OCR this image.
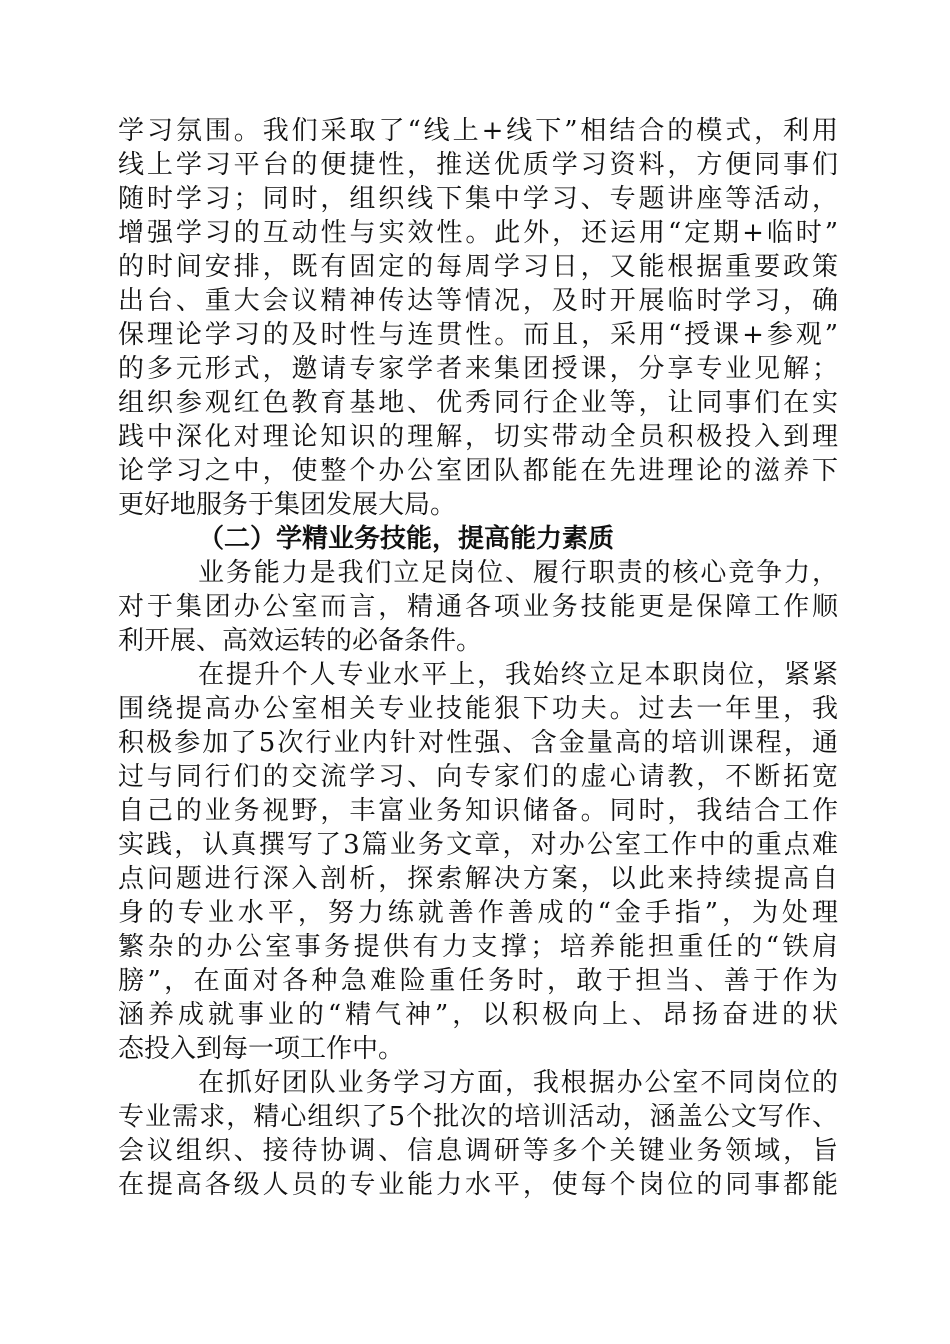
学习氛围。我们采取了“线上+线下”相结合的模式，利用
线上学习平台的便捷性，推送优质学习资料，方便同事们
随时学习；同时，组织线下集中学习、专题讲座等活动，
增强学习的互动性与实效性。此外，还运用“定期+临时”
的时间安排，既有固定的每周学习日，又能根据重要政策
出台、重大会议精神传达等情况，及时开展临时学习，确
保理论学习的及时性与连贯性。而且，采用“授课+参观”
的多元形式，邀请专家学者来集团授课，分享专业见解；
组织参观红色教育基地、优秀同行企业等，让同事们在实
践中深化对理论知识的理解，切实带动全员积极投入到理
论学习之中，使整个办公室团队都能在先进理论的滋养下
更好地服务于集团发展大局。
（二）学精业务技能，提高能力素质
业务能力是我们立足岗位、履行职责的核心竞争力，
对于集团办公室而言，精通各项业务技能更是保障工作顺
利开展、高效运转的必备条件。
在提升个人专业水平上，我始终立足本职岗位，紧紧
围绕提高办公室相关专业技能狠下功夫。过去一年里，我
积极参加了5次行业内针对性强、含金量高的培训课程，通
过与同行们的交流学习、向专家们的虚心请教，不断拓宽
自己的业务视野，丰富业务知识储备。同时，我结合工作
实践，认真撰写了3篇业务文章，对办公室工作中的重点难
点问题进行深入剖析，探索解决方案，以此来持续提高自
身的专业水平，努力练就善作善成的“金手指”，为处理
繁杂的办公室事务提供有力支撑；培养能担重任的“铁肩
膀”，在面对各种急难险重任务时，敢于担当、善于作为
涵养成就事业的“精气神”，以积极向上、昂扬奋进的状
态投入到每一项工作中。
在抓好团队业务学习方面，我根据办公室不同岗位的
专业需求，精心组织了5个批次的培训活动，涵盖公文写作、
会议组织、接待协调、信息调研等多个关键业务领域，旨
在提高各级人员的专业能力水平，使每个岗位的同事都能
